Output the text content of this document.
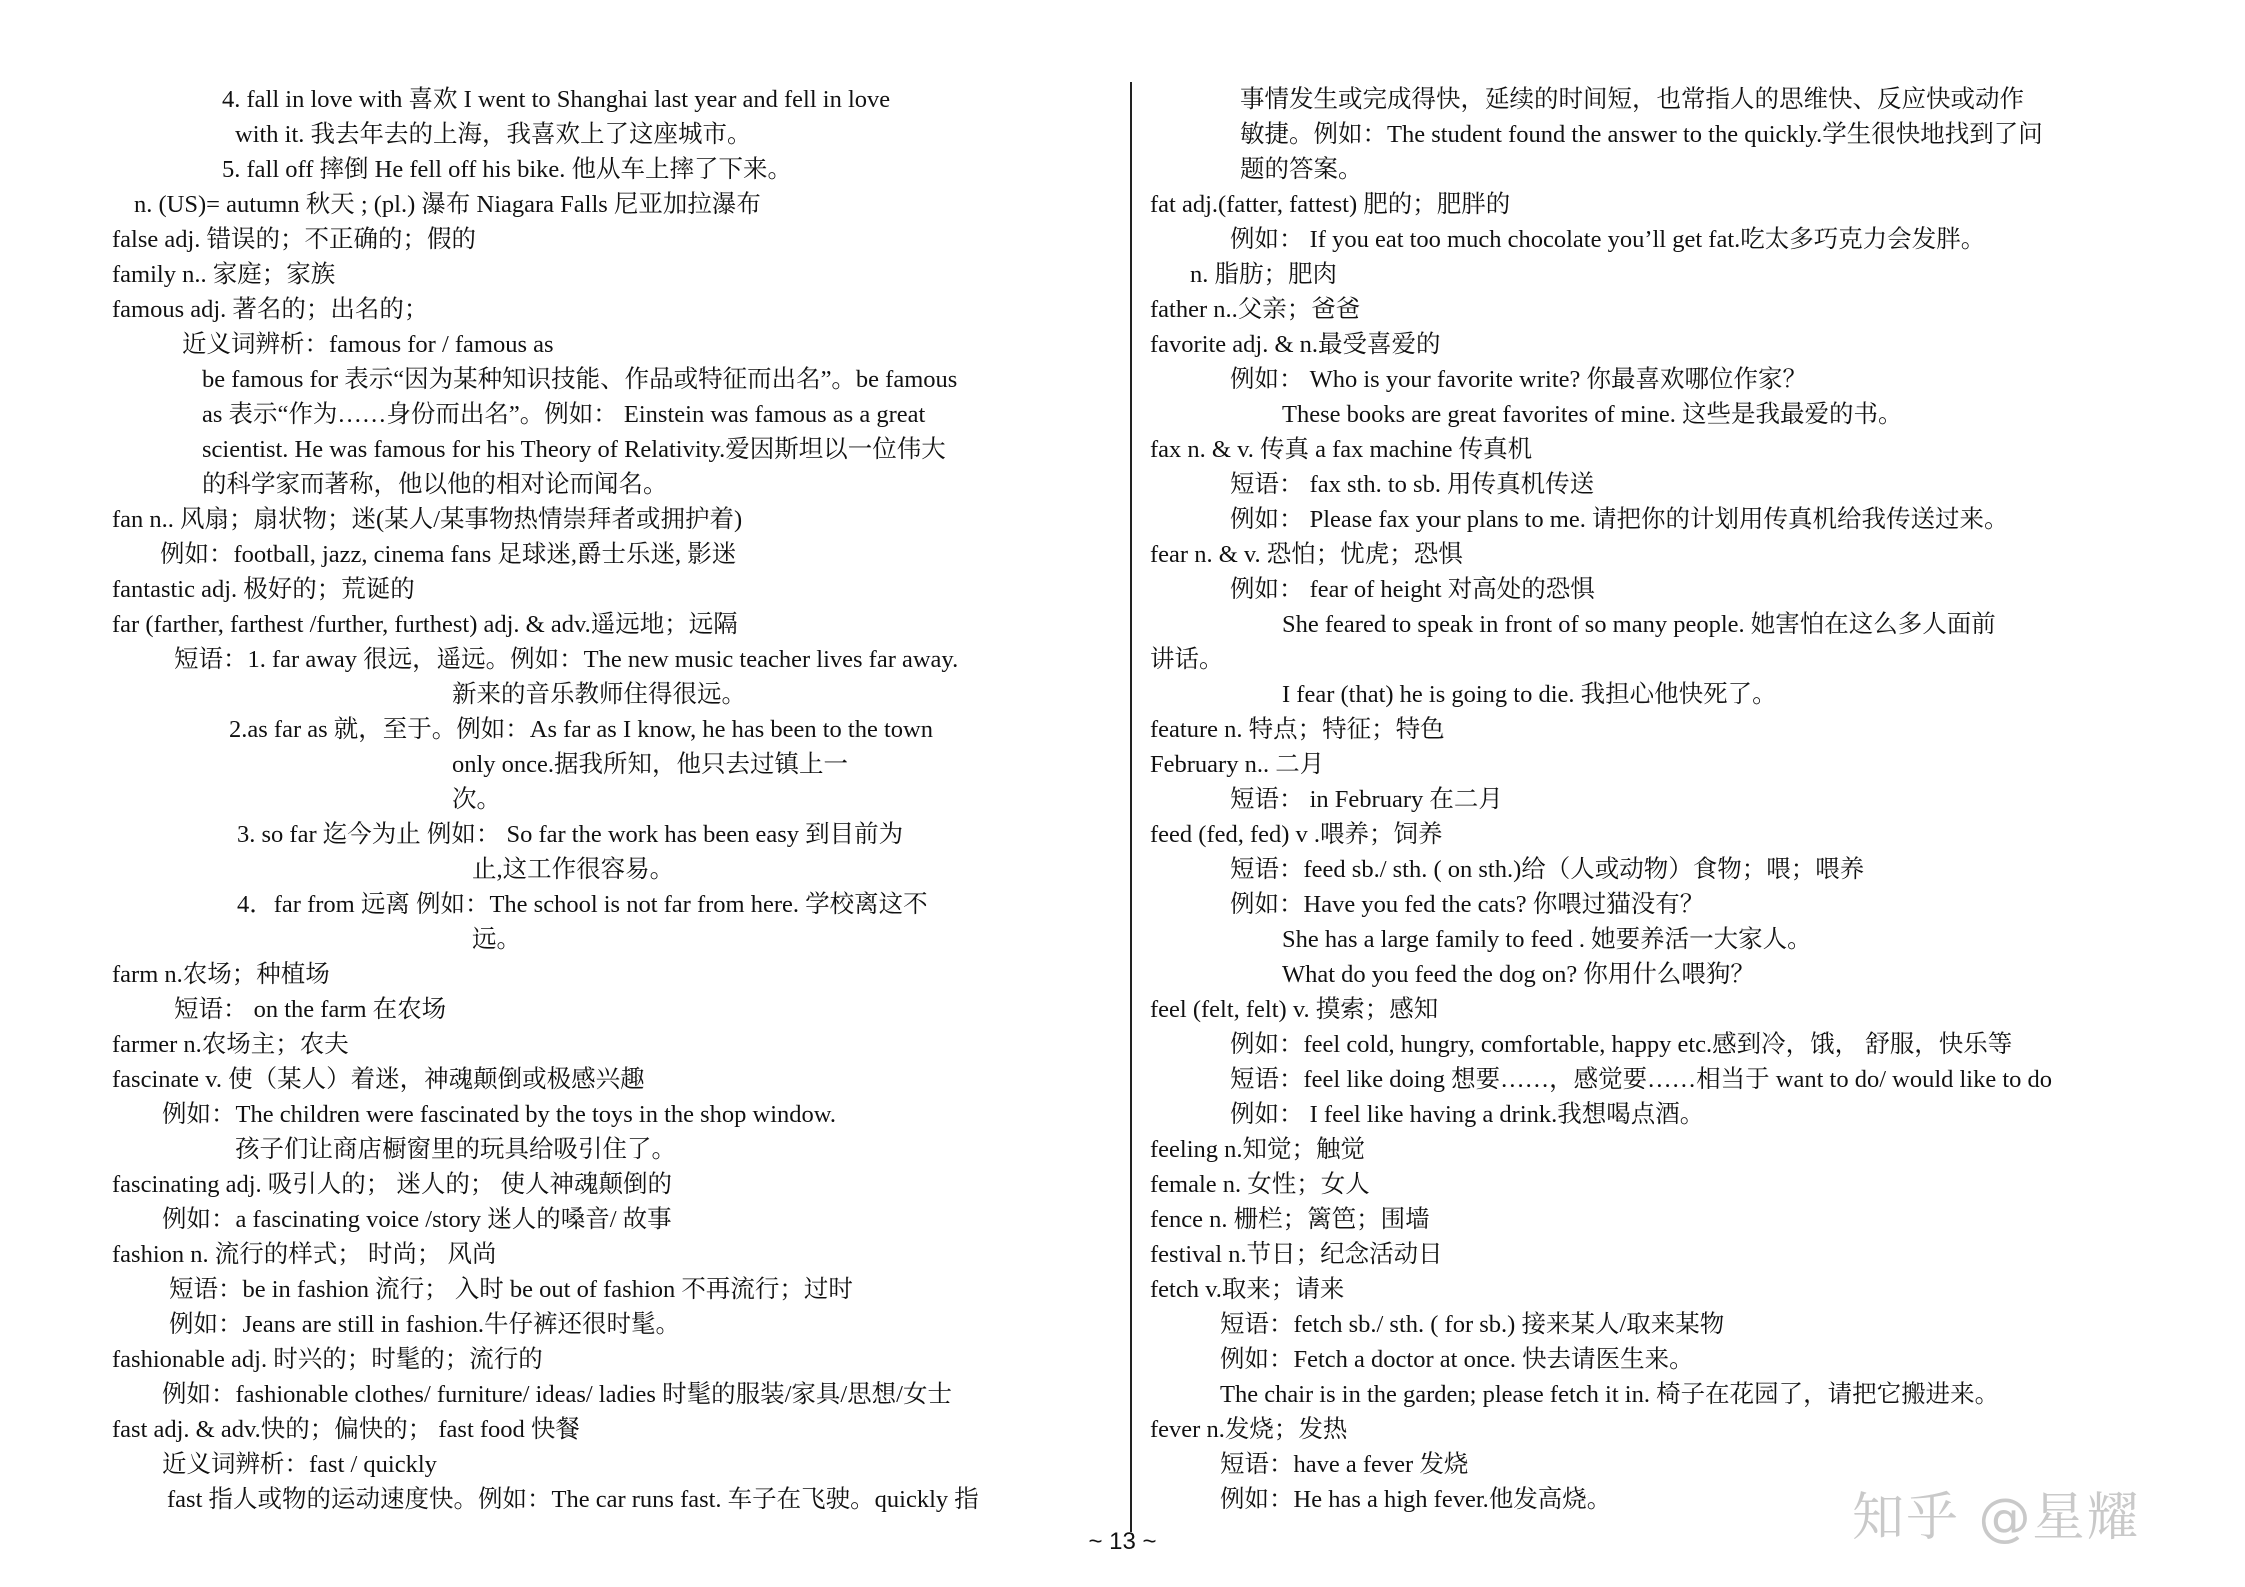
4. fall in love with 喜欢 I went to Shanghai last year and fell in love
with it. 我去年去的上海，我喜欢上了这座城市。
5. fall off 摔倒 He fell off his bike. 他从车上摔了下来。
n. (US)= autumn 秋天 ; (pl.) 瀑布 Niagara Falls 尼亚加拉瀑布
false adj. 错误的；不正确的；假的
family n.. 家庭；家族
famous adj. 著名的；出名的；
近义词辨析：famous for / famous as
be famous for 表示“因为某种知识技能、作品或特征而出名”。be famous
as 表示“作为……身份而出名”。例如： Einstein was famous as a great
scientist. He was famous for his Theory of Relativity.爱因斯坦以一位伟大
的科学家而著称，他以他的相对论而闻名。
fan n.. 风扇；扇状物；迷(某人/某事物热情崇拜者或拥护着)
例如：football, jazz, cinema fans 足球迷,爵士乐迷, 影迷
fantastic adj. 极好的；荒诞的
far (farther, farthest /further, furthest) adj. & adv.遥远地；远隔
短语：1. far away 很远，遥远。例如：The new music teacher lives far away.
新来的音乐教师住得很远。
2.as far as 就，至于。例如：As far as I know, he has been to the town
only once.据我所知，他只去过镇上一
次。
3. so far 迄今为止 例如： So far the work has been easy 到目前为
止,这工作很容易。
4．far from 远离 例如：The school is not far from here. 学校离这不
远。
farm n.农场；种植场
短语： on the farm 在农场
farmer n.农场主；农夫
fascinate v. 使（某人）着迷，神魂颠倒或极感兴趣
例如：The children were fascinated by the toys in the shop window.
孩子们让商店橱窗里的玩具给吸引住了。
fascinating adj. 吸引人的； 迷人的； 使人神魂颠倒的
例如：a fascinating voice /story 迷人的嗓音/ 故事
fashion n. 流行的样式； 时尚； 风尚
短语：be in fashion 流行； 入时 be out of fashion 不再流行；过时
例如：Jeans are still in fashion.牛仔裤还很时髦。
fashionable adj. 时兴的；时髦的；流行的
例如：fashionable clothes/ furniture/ ideas/ ladies 时髦的服装/家具/思想/女士
fast adj. & adv.快的；偏快的； fast food 快餐
近义词辨析：fast / quickly
fast 指人或物的运动速度快。例如：The car runs fast. 车子在飞驶。quickly 指
事情发生或完成得快，延续的时间短，也常指人的思维快、反应快或动作
敏捷。例如：The student found the answer to the quickly.学生很快地找到了问
题的答案。
fat adj.(fatter, fattest) 肥的；肥胖的
例如： If you eat too much chocolate you’ll get fat.吃太多巧克力会发胖。
n. 脂肪；肥肉
father n..父亲；爸爸
favorite adj. & n.最受喜爱的
例如： Who is your favorite write? 你最喜欢哪位作家？
These books are great favorites of mine. 这些是我最爱的书。
fax n. & v. 传真 a fax machine 传真机
短语： fax sth. to sb. 用传真机传送
例如： Please fax your plans to me. 请把你的计划用传真机给我传送过来。
fear n. & v. 恐怕；忧虎；恐惧
例如： fear of height 对高处的恐惧
She feared to speak in front of so many people. 她害怕在这么多人面前
讲话。
I fear (that) he is going to die. 我担心他快死了。
feature n. 特点；特征；特色
February n.. 二月
短语： in February 在二月
feed (fed, fed) v .喂养；饲养
短语：feed sb./ sth. ( on sth.)给（人或动物）食物；喂；喂养
例如：Have you fed the cats? 你喂过猫没有？
She has a large family to feed . 她要养活一大家人。
What do you feed the dog on? 你用什么喂狗？
feel (felt, felt) v. 摸索；感知
例如：feel cold, hungry, comfortable, happy etc.感到冷，饿， 舒服，快乐等
短语：feel like doing 想要……，感觉要……相当于 want to do/ would like to do
例如： I feel like having a drink.我想喝点酒。
feeling n.知觉；触觉
female n. 女性；女人
fence n. 栅栏；篱笆；围墙
festival n.节日；纪念活动日
fetch v.取来；请来
短语：fetch sb./ sth. ( for sb.) 接来某人/取来某物
例如：Fetch a doctor at once. 快去请医生来。
The chair is in the garden; please fetch it in. 椅子在花园了，请把它搬进来。
fever n.发烧；发热
短语：have a fever 发烧
例如：He has a high fever.他发高烧。
~ 13 ~	知乎 @星耀
